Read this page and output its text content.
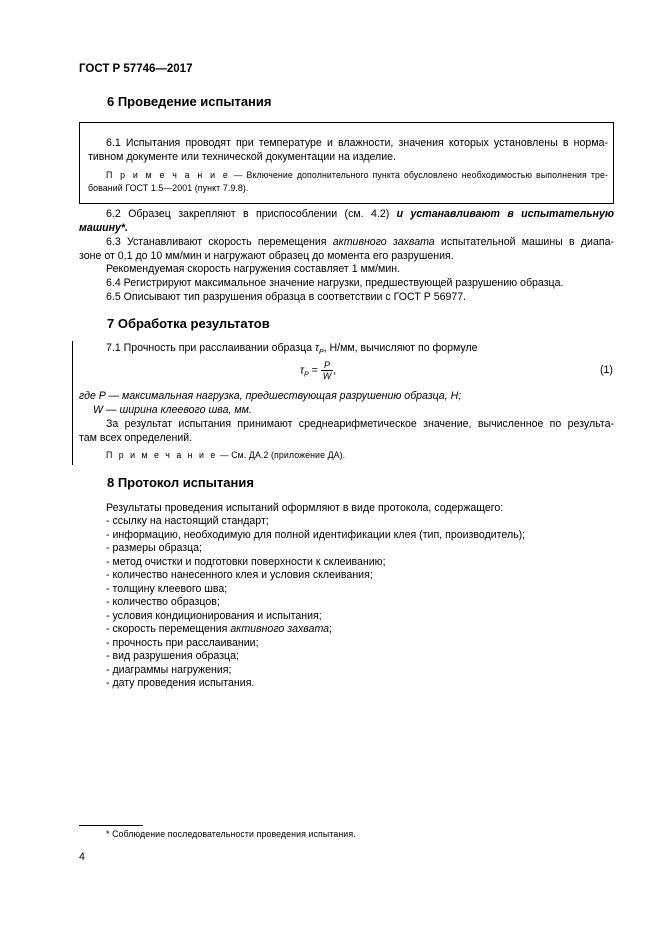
ГОСТ Р 57746—2017
6 Проведение испытания
6.1 Испытания проводят при температуре и влажности, значения которых установлены в норма-
тивном документе или технической документации на изделие.
П р и м е ч а н и е — Включение дополнительного пункта обусловлено необходимостью выполнения тре-
бований ГОСТ 1.5—2001 (пункт 7.9.8).
6.2 Образец закрепляют в приспособлении (см. 4.2) и устанавливают в испытательную
машину*.
6.3 Устанавливают скорость перемещения активного захвата испытательной машины в диапа-
зоне от 0,1 до 10 мм/мин и нагружают образец до момента его разрушения.
Рекомендуемая скорость нагружения составляет 1 мм/мин.
6.4 Регистрируют максимальное значение нагрузки, предшествующей разрушению образца.
6.5 Описывают тип разрушения образца в соответствии с ГОСТ Р 56977.
7 Обработка результатов
7.1 Прочность при расслаивании образца $\tau_P$, Н/мм, вычисляют по формуле
$\tau_P = \frac{P}{W}$ ,	(1)
где P — максимальная нагрузка, предшествующая разрушению образца, Н;
W — ширина клеевого шва, мм.
За результат испытания принимают среднеарифметическое значение, вычисленное по результа-
там всех определений.
П р и м е ч а н и е — См. ДА.2 (приложение ДА).
8 Протокол испытания
Результаты проведения испытаний оформляют в виде протокола, содержащего:
- ссылку на настоящий стандарт;
- информацию, необходимую для полной идентификации клея (тип, производитель);
- размеры образца;
- метод очистки и подготовки поверхности к склеиванию;
- количество нанесенного клея и условия склеивания;
- толщину клеевого шва;
- количество образцов;
- условия кондиционирования и испытания;
- скорость перемещения активного захвата;
- прочность при расслаивании;
- вид разрушения образца;
- диаграммы нагружения;
- дату проведения испытания.
* Соблюдение последовательности проведения испытания.
4
